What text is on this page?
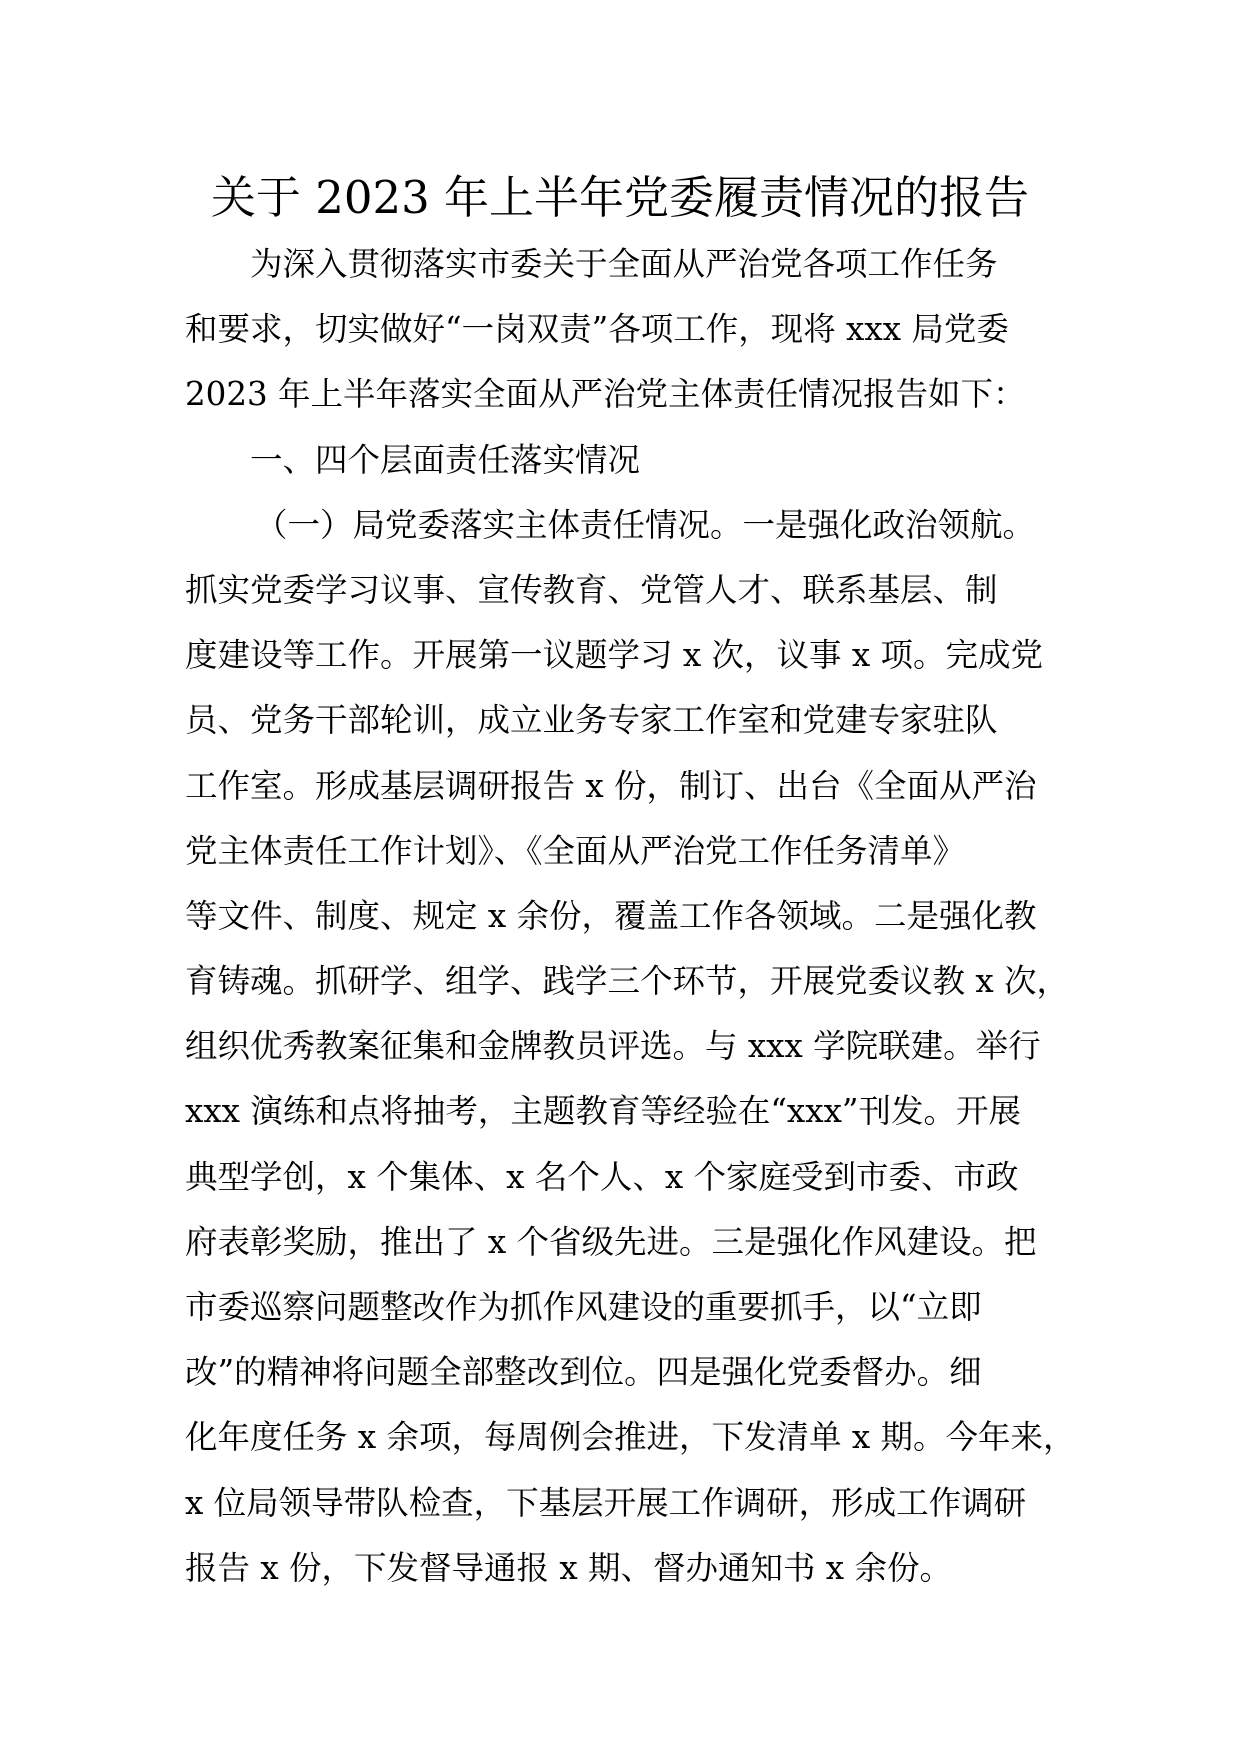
关于 2023 年上半年党委履责情况的报告

为深入贯彻落实市委关于全面从严治党各项工作任务

和要求，切实做好“一岗双责”各项工作，现将 xxx 局党委

2023 年上半年落实全面从严治党主体责任情况报告如下：

一、四个层面责任落实情况

（一）局党委落实主体责任情况。一是强化政治领航。

抓实党委学习议事、宣传教育、党管人才、联系基层、制

度建设等工作。开展第一议题学习 x 次，议事 x 项。完成党

员、党务干部轮训，成立业务专家工作室和党建专家驻队

工作室。形成基层调研报告 x 份，制订、出台《全面从严治

党主体责任工作计划》、《全面从严治党工作任务清单》

等文件、制度、规定 x 余份，覆盖工作各领域。二是强化教

育铸魂。抓研学、组学、践学三个环节，开展党委议教 x 次，

组织优秀教案征集和金牌教员评选。与 xxx 学院联建。举行

xxx 演练和点将抽考，主题教育等经验在“xxx”刊发。开展

典型学创，x 个集体、x 名个人、x 个家庭受到市委、市政

府表彰奖励，推出了 x 个省级先进。三是强化作风建设。把

市委巡察问题整改作为抓作风建设的重要抓手，以“立即

改”的精神将问题全部整改到位。四是强化党委督办。细

化年度任务 x 余项，每周例会推进，下发清单 x 期。今年来，

x 位局领导带队检查，下基层开展工作调研，形成工作调研

报告 x 份，下发督导通报 x 期、督办通知书 x 余份。
